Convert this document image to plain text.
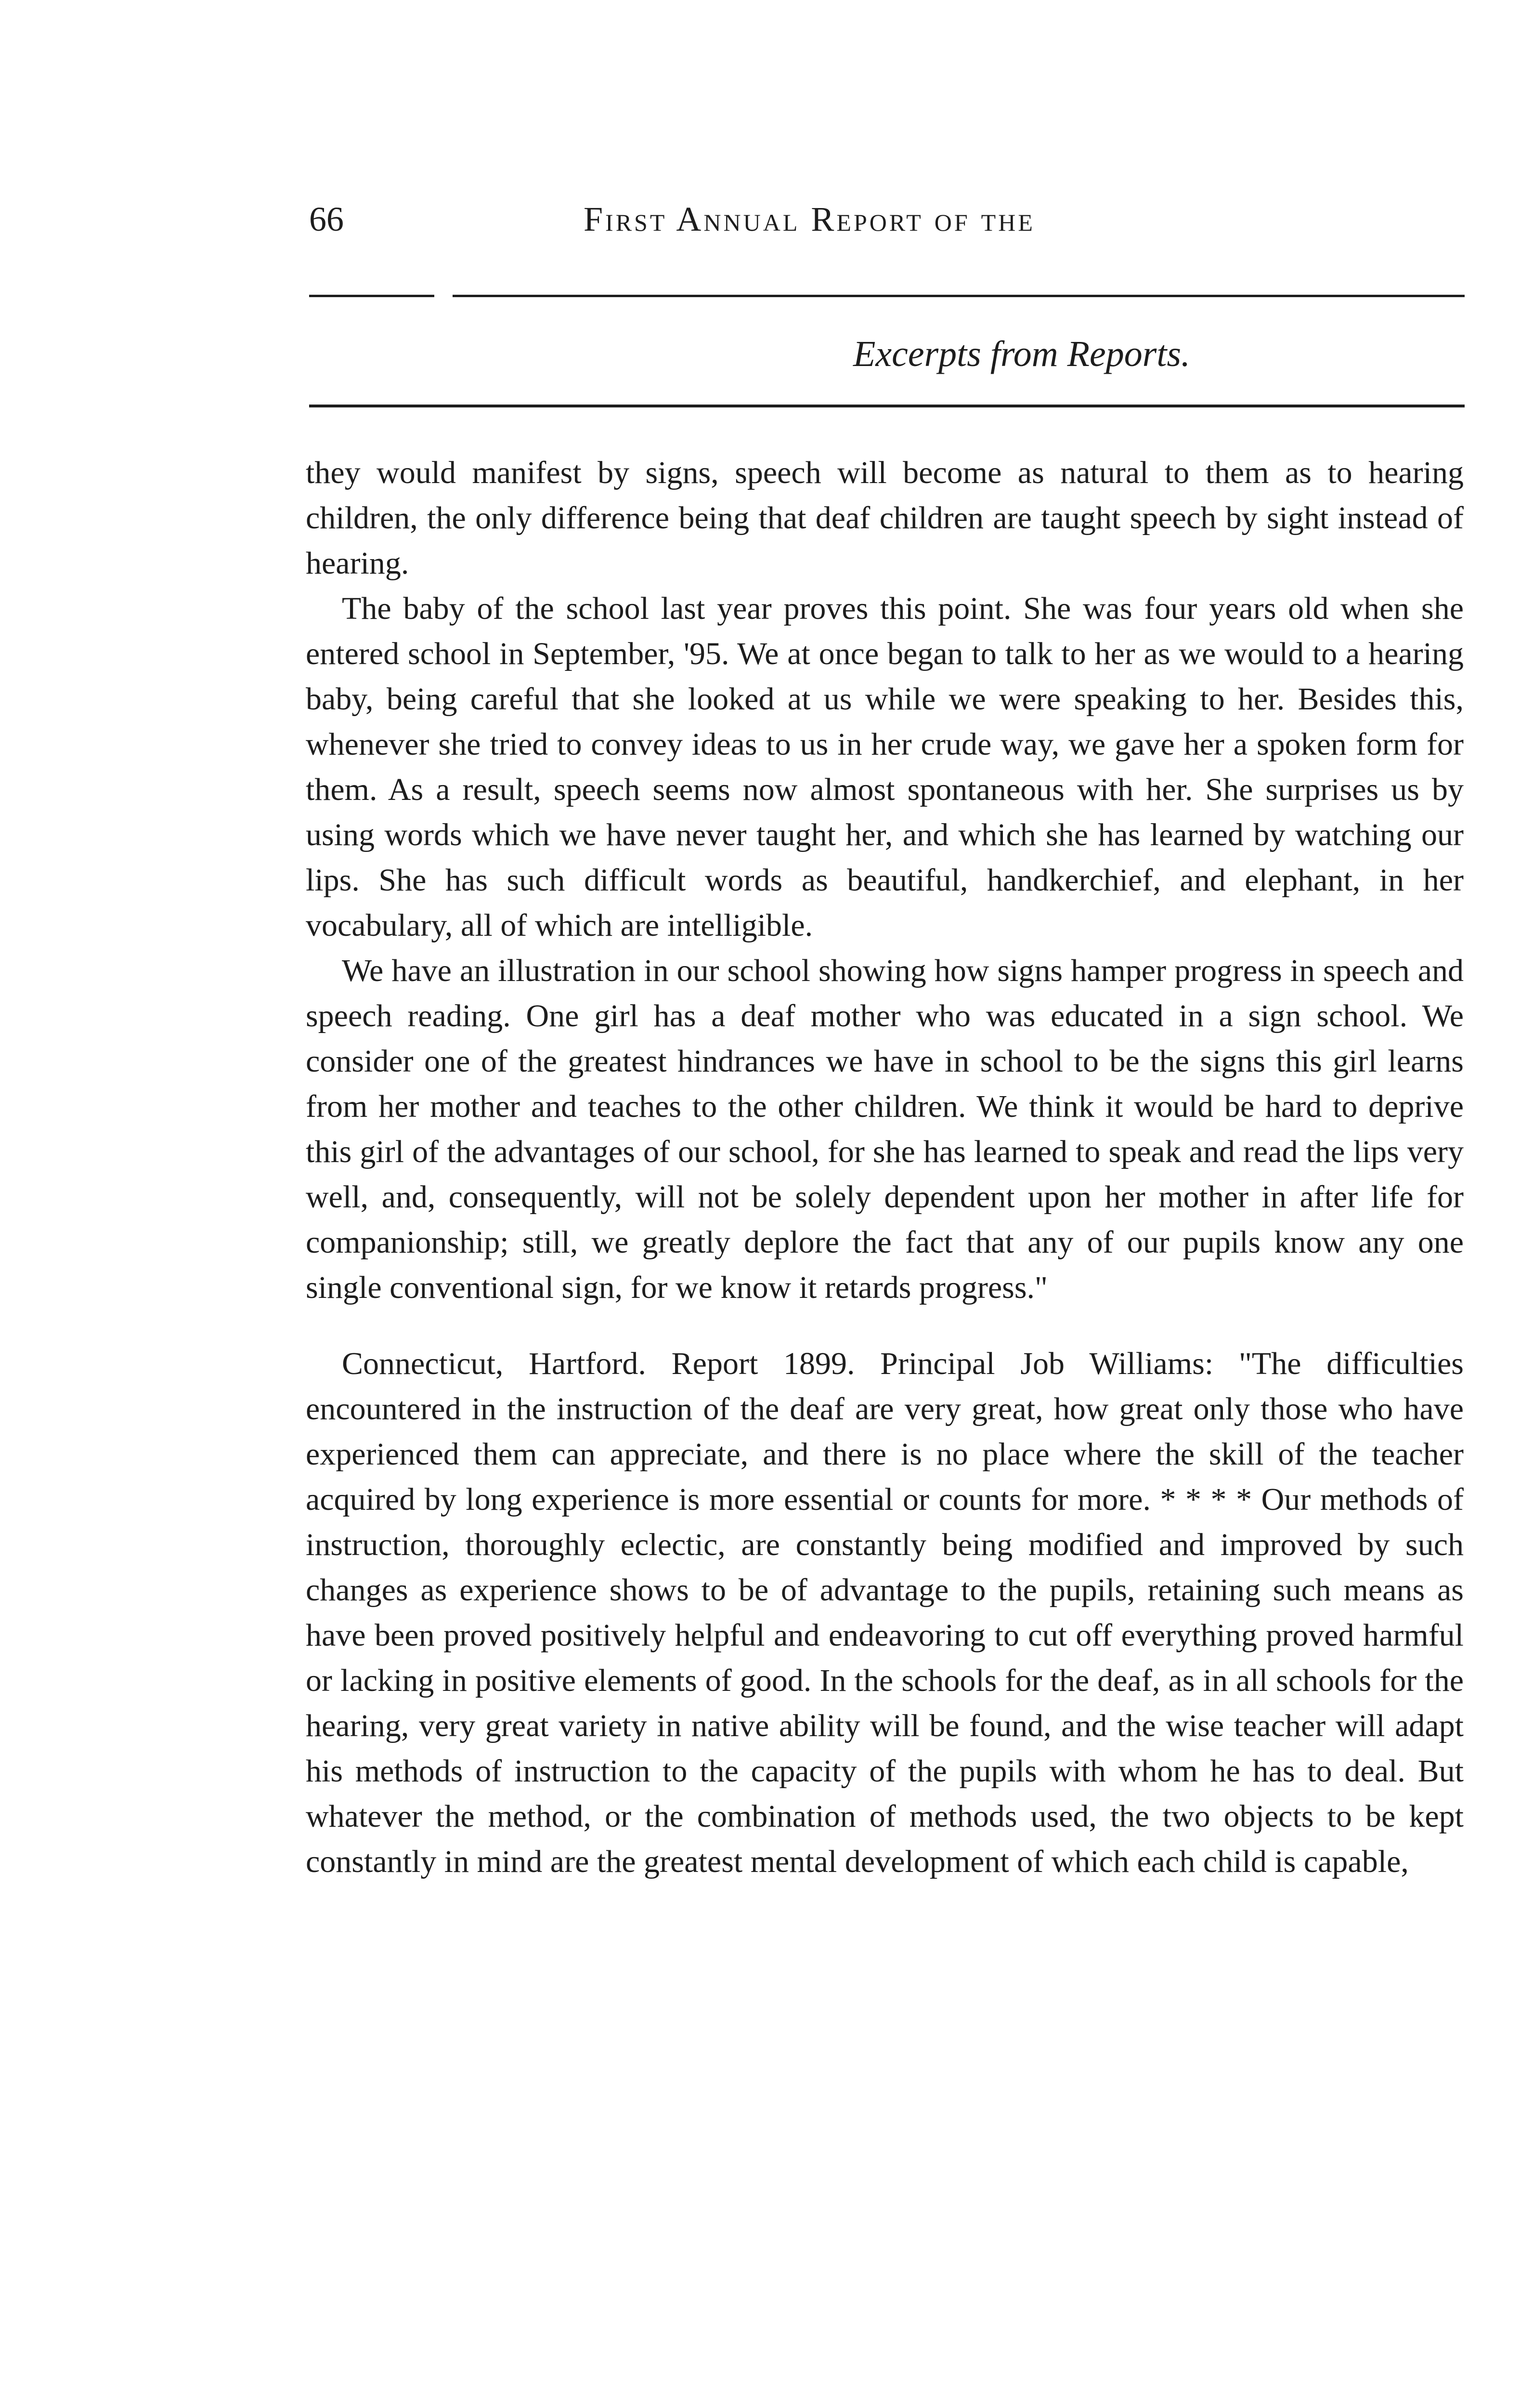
66	First Annual Report of the
Excerpts from Reports.

they would manifest by signs, speech will become as natural to them as to hearing children, the only difference being that deaf children are taught speech by sight instead of hearing.

The baby of the school last year proves this point. She was four years old when she entered school in September, '95. We at once began to talk to her as we would to a hearing baby, being careful that she looked at us while we were speaking to her. Besides this, whenever she tried to convey ideas to us in her crude way, we gave her a spoken form for them. As a result, speech seems now almost spontaneous with her. She surprises us by using words which we have never taught her, and which she has learned by watching our lips. She has such difficult words as beautiful, handkerchief, and elephant, in her vocabulary, all of which are intelligible.

We have an illustration in our school showing how signs hamper progress in speech and speech reading. One girl has a deaf mother who was educated in a sign school. We consider one of the greatest hindrances we have in school to be the signs this girl learns from her mother and teaches to the other children. We think it would be hard to deprive this girl of the advantages of our school, for she has learned to speak and read the lips very well, and, consequently, will not be solely dependent upon her mother in after life for companionship; still, we greatly deplore the fact that any of our pupils know any one single conventional sign, for we know it retards progress."

Connecticut, Hartford. Report 1899. Principal Job Williams: "The difficulties encountered in the instruction of the deaf are very great, how great only those who have experienced them can appreciate, and there is no place where the skill of the teacher acquired by long experience is more essential or counts for more. * * * * Our methods of instruction, thoroughly eclectic, are constantly being modified and improved by such changes as experience shows to be of advantage to the pupils, retaining such means as have been proved positively helpful and endeavoring to cut off everything proved harmful or lacking in positive elements of good. In the schools for the deaf, as in all schools for the hearing, very great variety in native ability will be found, and the wise teacher will adapt his methods of instruction to the capacity of the pupils with whom he has to deal. But whatever the method, or the combination of methods used, the two objects to be kept constantly in mind are the greatest mental development of which each child is capable,
